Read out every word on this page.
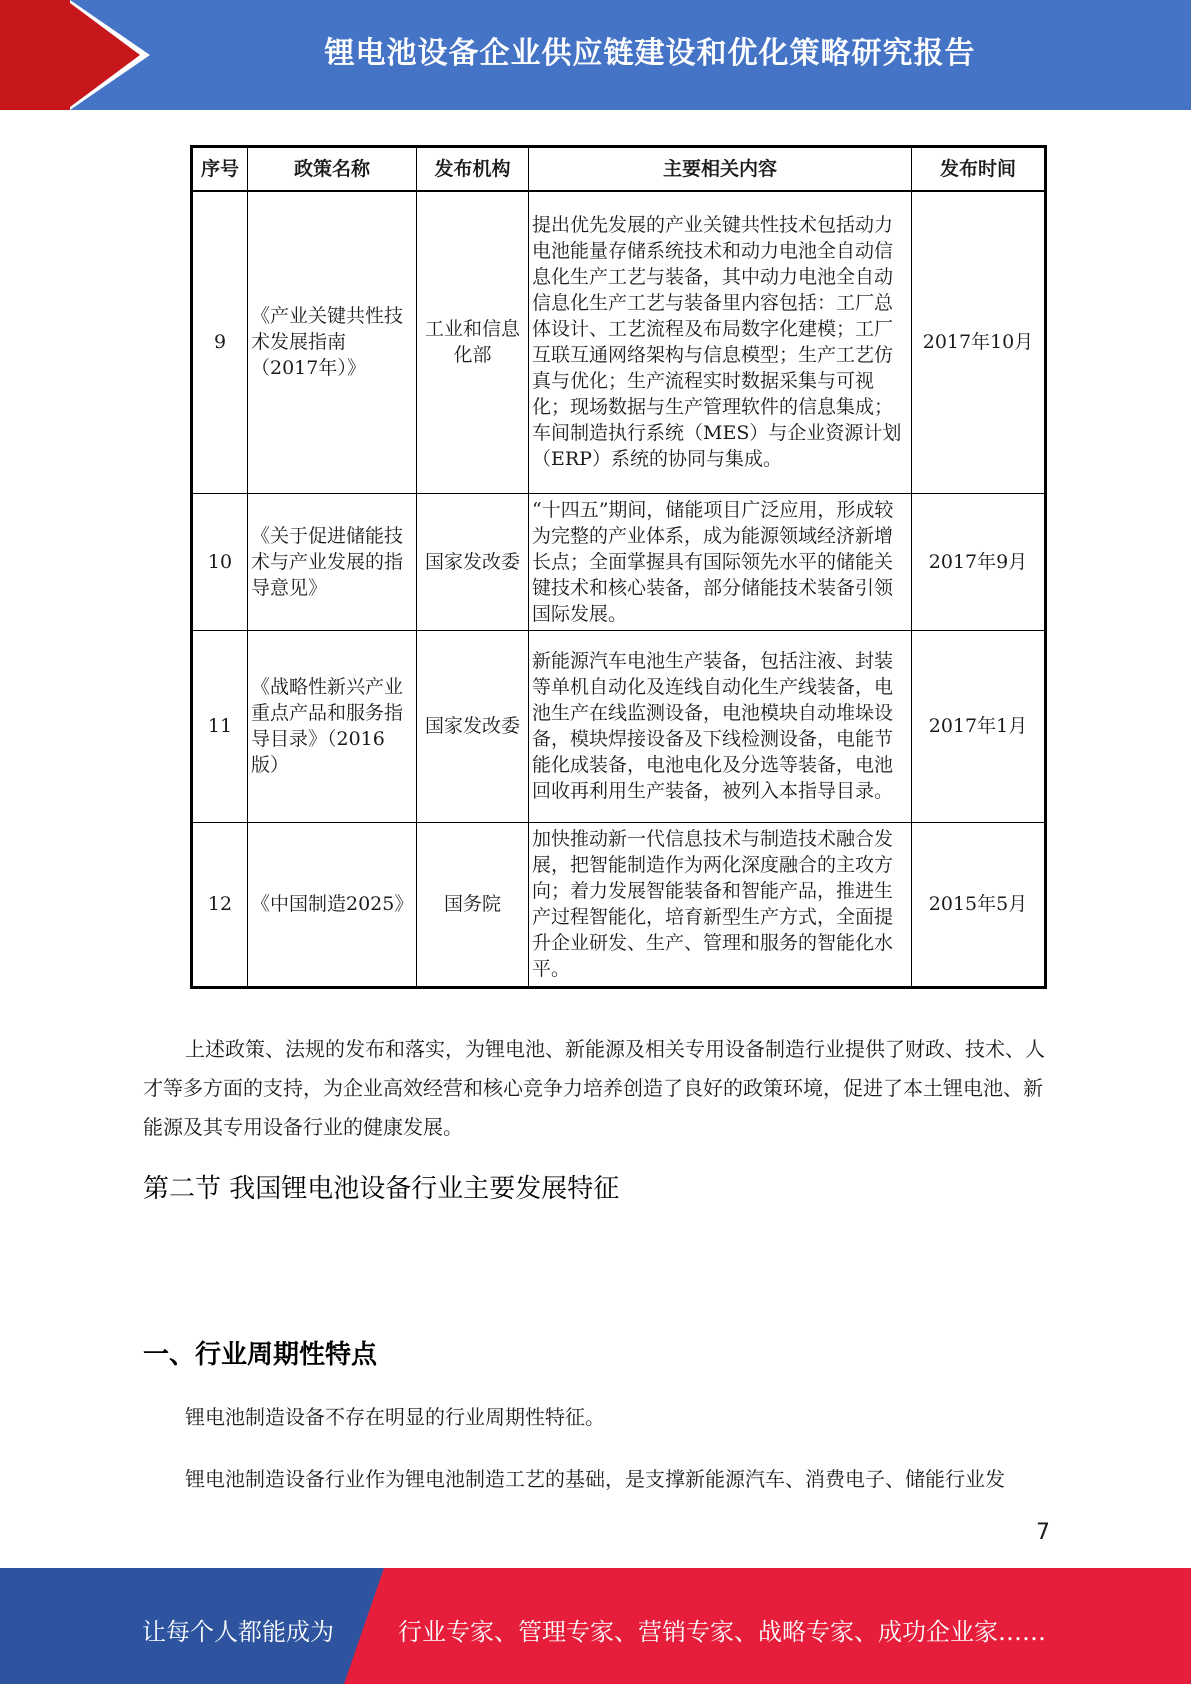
锂电池设备企业供应链建设和优化策略研究报告
序号	政策名称	发布机构	主要相关内容	发布时间
9	《产业关键共性技术发展指南（2017年）》	工业和信息化部	提出优先发展的产业关键共性技术包括动力电池能量存储系统技术和动力电池全自动信息化生产工艺与装备，其中动力电池全自动信息化生产工艺与装备里内容包括：工厂总体设计、工艺流程及布局数字化建模；工厂互联互通网络架构与信息模型；生产工艺仿真与优化；生产流程实时数据采集与可视化；现场数据与生产管理软件的信息集成；车间制造执行系统（MES）与企业资源计划（ERP）系统的协同与集成。	2017年10月
10	《关于促进储能技术与产业发展的指导意见》	国家发改委	“十四五”期间，储能项目广泛应用，形成较为完整的产业体系，成为能源领域经济新增长点；全面掌握具有国际领先水平的储能关键技术和核心装备，部分储能技术装备引领国际发展。	2017年9月
11	《战略性新兴产业重点产品和服务指导目录》（2016版）	国家发改委	新能源汽车电池生产装备，包括注液、封装等单机自动化及连线自动化生产线装备，电池生产在线监测设备，电池模块自动堆垛设备，模块焊接设备及下线检测设备，电能节能化成装备，电池电化及分选等装备，电池回收再利用生产装备，被列入本指导目录。	2017年1月
12	《中国制造2025》	国务院	加快推动新一代信息技术与制造技术融合发展，把智能制造作为两化深度融合的主攻方向；着力发展智能装备和智能产品，推进生产过程智能化，培育新型生产方式，全面提升企业研发、生产、管理和服务的智能化水平。	2015年5月
上述政策、法规的发布和落实，为锂电池、新能源及相关专用设备制造行业提供了财政、技术、人才等多方面的支持，为企业高效经营和核心竞争力培养创造了良好的政策环境，促进了本土锂电池、新能源及其专用设备行业的健康发展。
第二节 我国锂电池设备行业主要发展特征
一、行业周期性特点
锂电池制造设备不存在明显的行业周期性特征。
锂电池制造设备行业作为锂电池制造工艺的基础，是支撑新能源汽车、消费电子、储能行业发
7
让每个人都能成为	行业专家、管理专家、营销专家、战略专家、成功企业家……
